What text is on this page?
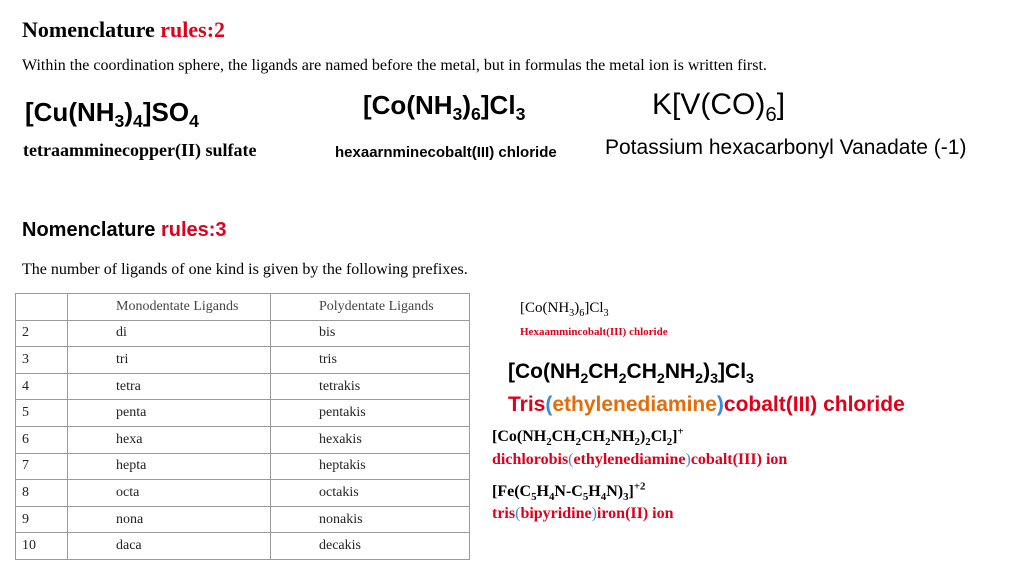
Nomenclature rules:2
Within the coordination sphere, the ligands are named before the metal, but in formulas the metal ion is written first.
$[Cu(NH_3)_4]SO_4$
tetraamminecopper(II) sulfate
$[Co(NH_3)_6]Cl_3$
hexaarnminecobalt(III) chloride
$K[V(CO)_6]$
Potassium hexacarbonyl Vanadate (-1)
Nomenclature rules:3
The number of ligands of one kind is given by the following prefixes.
	Monodentate Ligands	Polydentate Ligands
2	di	bis
3	tri	tris
4	tetra	tetrakis
5	penta	pentakis
6	hexa	hexakis
7	hepta	heptakis
8	octa	octakis
9	nona	nonakis
10	daca	decakis
$[Co(NH_3)_6]Cl_3$
Hexaammincobalt(III) chloride
$[Co(NH_2CH_2CH_2NH_2)_3]Cl_3$
Tris(ethylenediamine)cobalt(III) chloride
$[Co(NH_2CH_2CH_2NH_2)_2Cl_2]^+$
dichlorobis(ethylenediamine)cobalt(III) ion
$[Fe(C_5H_4N-C_5H_4N)_3]^{+2}$
tris(bipyridine)iron(II) ion
